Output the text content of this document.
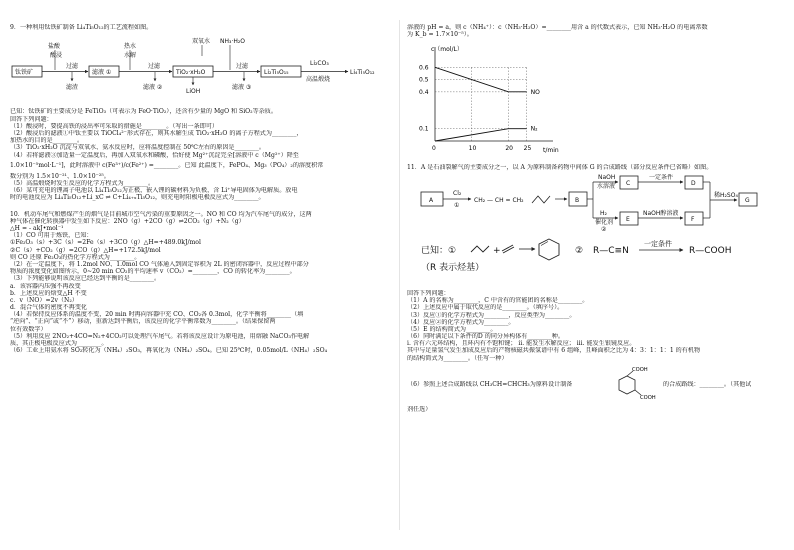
9．一种利用钛铁矿制备 Li₄Ti₅O₁₂的工艺流程如图。
钛铁矿
盐酸
酸浸
过滤
滤渣
滤液 ①
热水
水解
过滤
滤液 ②
TiO₂·xH₂O
双氧水 NH₃·H₂O
过滤
LiOH
滤液 ③
Li₂Ti₅O₁₅
Li₂CO₃
高温煅烧
Li₄Ti₅O₁₂
已知：钛铁矿的主要成分是 FeTiO₃（可表示为 FeO·TiO₂），还含有少量的 MgO 和 SiO₂等杂质。
回答下列问题：
（1）酸浸时，要提高铁的浸出率可采取的措施是________。（写出一条即可）
（2）酸浸后的滤液①中钛主要以 TiOCl₄²⁻形式存在，则其水解生成 TiO₂·xH₂O 的离子方程式为________，
加热水的目的是________。
（3）TiO₂·xH₂O 沉淀与双氧水、氨水反应时，应将温度控制在 50℃左右的原因是________。
（4）若将滤液③加适量一定温度后，再加入双氧水和磷酸，恰好使 Mg²⁺沉淀完全[溶液中 c（Mg²⁺）降至
1.0×10⁻⁵mol·L⁻¹]，此时溶液中 c(Fe³⁺)/c(Fe²⁺) =________。已知 此温度下，FePO₄、Mg₃（PO₄）₂的溶度积常
数分别为 1.5×10⁻²¹、1.0×10⁻²⁵。
（5）高温煅烧时发生反应的化学方程式为________。
（6）某可充电的锂离子电池以 Li₄Ti₅O₁₂为正极，嵌入锂的碳材料为负极，含 Li⁺导电固体为电解质。放电
时的电池反应为 Li₄Ti₅O₁₂+Li_xC ⇌ C+Li₄₊ₓTi₅O₁₂，则充电时阳极电极反应式为________。
10．机动车尾气和燃煤产生的烟气是目前城市空气污染的重要原因之一。NO 和 CO 均为汽车尾气的成分，这两
种气体在催化转换器中发生如下反应：2NO（g）+2CO（g）⇌2CO₂（g）+N₂（g）
△H = - akJ•mol⁻¹
（1）CO 可用于炼铁，已知：
①Fe₂O₃（s）+3C（s）=2Fe（s）+3CO（g）△H=+489.0kJ/mol
②C（s）+CO₂（g）=2CO（g）△H=+172.5kJ/mol
则 CO 还原 Fe₂O₃的热化学方程式为________。
（2）在一定温度下，将 1.2mol NO、1.0mol CO 气体通入到固定容积为 2L 的密闭容器中，反应过程中部分
物质的浓度变化如图所示，0~20 min CO₂的平均速率 v（CO₂）=________，CO 的转化率为________。
（3）下列能够说明该反应已经达到平衡的是________。
a．该容器内压强不再改变
b．上述反应的焓变△H 不变
c．v（NO）=2v（N₂）
d．混合气体的密度不再变化
（4）若保持反应体系的温度不变，20 min 时再向容器中充 CO、CO₂各 0.3mol，化学平衡将________（填
“逆向”、“正向”或“不”）移动，重新达到平衡后，该反应的化学平衡常数为________。（结果保留两
位有效数字）
（5）利用反应 2NO₂+4CO=N₂+4CO₂可以处理汽车尾气。若将该反应设计为原电池，用熔融 NaCO₃作电解
质，其正极电极反应式为________。
（6）工业上用氨水将 SO₂转化为（NH₄）₂SO₃，再氧化为（NH₄）₂SO₄。已知 25℃时，0.05mol/L（NH₄）₂SO₄
溶液的 pH = a，则 c（NH₄⁺）：c（NH₃·H₂O）=________用含 a 的代数式表示，已知 NH₃·H₂O 的电离常数
为 K_b = 1.7×10⁻⁵）。
c（mol/L）
t/min
0.6
0.5
0.4
0.1
0	10	20 25
NO
N₂
11．A 是石油裂解气的主要成分之一，以 A 为原料制备药物中间体 G 的合成路线（部分反应条件已省略）如图。
A
Cl₂
①
CH₂ — CH = CH₂	B
NaOH
水溶液
H₂
催化剂
②
C
一定条件
D
E
NaOH醇溶液
F
稀H₂SO₄
G
已知：①	+	② R—C≡N
一定条件
R—COOH
（R 表示烃基）
回答下列问题：
（1）A 的名称为________，C 中含有的官能团的名称是________。
（2）上述反应中属于取代反应的是________。（填序号）。
（3）反应①的化学方程式为________，反应类型为________。
（4）反应②的化学方程式为________。
（5）E 的结构简式为________。
（6）同时满足以下条件的D 的同分异构体有________种。
ⅰ. 含有六元环结构，且环内有不饱和键； ⅱ. 能发生水解反应； ⅲ. 能发生银镜反应。
其中与足量氢气发生加成反应后的产物核磁共振氢谱中有 6 组峰，且峰面积之比为 4：3：1：1：1 的有机物
的结构简式为________。（任写一种）
（6）参照上述合成路线以 CH₃CH=CHCH₃为原料设计制备
COOH
COOH
的合成路线：________。（其他试
剂任选）
